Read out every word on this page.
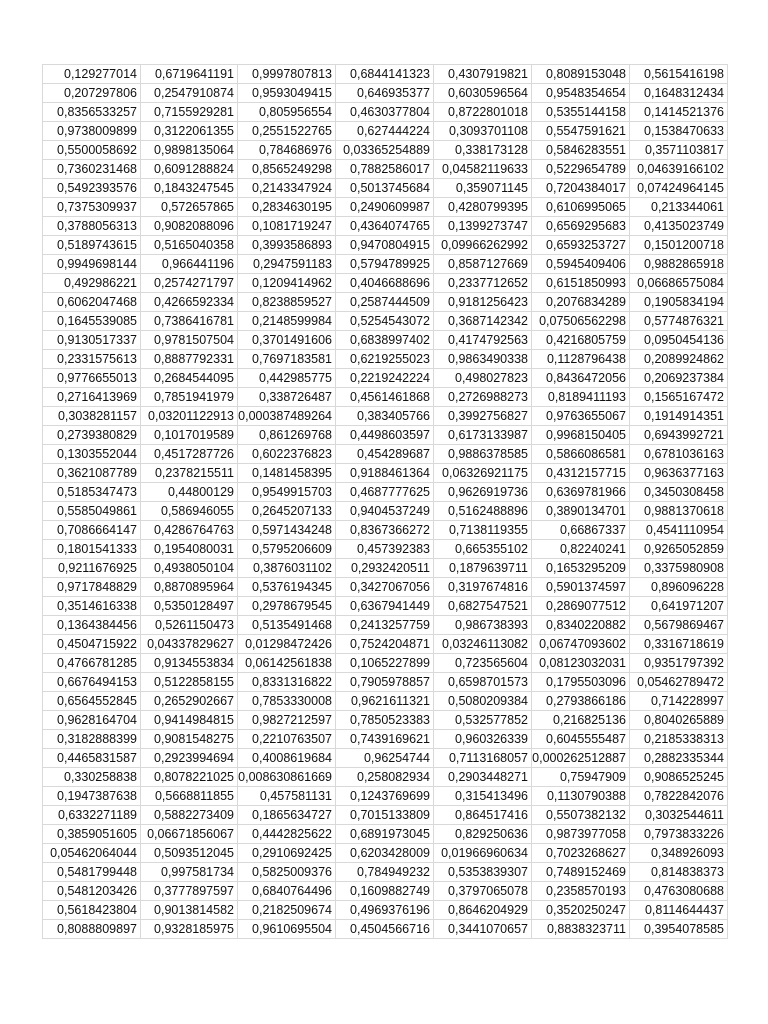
0,129277014	0,6719641191	0,9997807813	0,6844141323	0,4307919821	0,8089153048	0,5615416198
0,207297806	0,2547910874	0,9593049415	0,646935377	0,6030596564	0,9548354654	0,1648312434
0,8356533257	0,7155929281	0,805956554	0,4630377804	0,8722801018	0,5355144158	0,1414521376
0,9738009899	0,3122061355	0,2551522765	0,627444224	0,3093701108	0,5547591621	0,1538470633
0,5500058692	0,9898135064	0,784686976	0,03365254889	0,338173128	0,5846283551	0,3571103817
0,7360231468	0,6091288824	0,8565249298	0,7882586017	0,04582119633	0,5229654789	0,04639166102
0,5492393576	0,1843247545	0,2143347924	0,5013745684	0,359071145	0,7204384017	0,07424964145
0,7375309937	0,572657865	0,2834630195	0,2490609987	0,4280799395	0,6106995065	0,213344061
0,3788056313	0,9082088096	0,1081719247	0,4364074765	0,1399273747	0,6569295683	0,4135023749
0,5189743615	0,5165040358	0,3993586893	0,9470804915	0,09966262992	0,6593253727	0,1501200718
0,9949698144	0,966441196	0,2947591183	0,5794789925	0,8587127669	0,5945409406	0,9882865918
0,492986221	0,2574271797	0,1209414962	0,4046688696	0,2337712652	0,6151850993	0,06686575084
0,6062047468	0,4266592334	0,8238859527	0,2587444509	0,9181256423	0,2076834289	0,1905834194
0,1645539085	0,7386416781	0,2148599984	0,5254543072	0,3687142342	0,07506562298	0,5774876321
0,9130517337	0,9781507504	0,3701491606	0,6838997402	0,4174792563	0,4216805759	0,0950454136
0,2331575613	0,8887792331	0,7697183581	0,6219255023	0,9863490338	0,1128796438	0,2089924862
0,9776655013	0,2684544095	0,442985775	0,2219242224	0,498027823	0,8436472056	0,2069237384
0,2716413969	0,7851941979	0,338726487	0,4561461868	0,2726988273	0,8189411193	0,1565167472
0,3038281157	0,03201122913	0,000387489264	0,383405766	0,3992756827	0,9763655067	0,1914914351
0,2739380829	0,1017019589	0,861269768	0,4498603597	0,6173133987	0,9968150405	0,6943992721
0,1303552044	0,4517287726	0,6022376823	0,454289687	0,9886378585	0,5866086581	0,6781036163
0,3621087789	0,2378215511	0,1481458395	0,9188461364	0,06326921175	0,4312157715	0,9636377163
0,5185347473	0,44800129	0,9549915703	0,4687777625	0,9626919736	0,6369781966	0,3450308458
0,5585049861	0,586946055	0,2645207133	0,9404537249	0,5162488896	0,3890134701	0,9881370618
0,7086664147	0,4286764763	0,5971434248	0,8367366272	0,7138119355	0,66867337	0,4541110954
0,1801541333	0,1954080031	0,5795206609	0,457392383	0,665355102	0,82240241	0,9265052859
0,9211676925	0,4938050104	0,3876031102	0,2932420511	0,1879639711	0,1653295209	0,3375980908
0,9717848829	0,8870895964	0,5376194345	0,3427067056	0,3197674816	0,5901374597	0,896096228
0,3514616338	0,5350128497	0,2978679545	0,6367941449	0,6827547521	0,2869077512	0,641971207
0,1364384456	0,5261150473	0,5135491468	0,2413257759	0,986738393	0,8340220882	0,5679869467
0,4504715922	0,04337829627	0,01298472426	0,7524204871	0,03246113082	0,06747093602	0,3316718619
0,4766781285	0,9134553834	0,06142561838	0,1065227899	0,723565604	0,08123032031	0,9351797392
0,6676494153	0,5122858155	0,8331316822	0,7905978857	0,6598701573	0,1795503096	0,05462789472
0,6564552845	0,2652902667	0,7853330008	0,9621611321	0,5080209384	0,2793866186	0,714228997
0,9628164704	0,9414984815	0,9827212597	0,7850523383	0,532577852	0,216825136	0,8040265889
0,3182888399	0,9081548275	0,2210763507	0,7439169621	0,960326339	0,6045555487	0,2185338313
0,4465831587	0,2923994694	0,4008619684	0,96254744	0,7113168057	0,000262512887	0,2882335344
0,330258838	0,8078221025	0,008630861669	0,258082934	0,2903448271	0,75947909	0,9086525245
0,1947387638	0,5668811855	0,457581131	0,1243769699	0,315413496	0,1130790388	0,7822842076
0,6332271189	0,5882273409	0,1865634727	0,7015133809	0,864517416	0,5507382132	0,3032544611
0,3859051605	0,06671856067	0,4442825622	0,6891973045	0,829250636	0,9873977058	0,7973833226
0,05462064044	0,5093512045	0,2910692425	0,6203428009	0,01966960634	0,7023268627	0,348926093
0,5481799448	0,997581734	0,5825009376	0,784949232	0,5353839307	0,7489152469	0,814838373
0,5481203426	0,3777897597	0,6840764496	0,1609882749	0,3797065078	0,2358570193	0,4763080688
0,5618423804	0,9013814582	0,2182509674	0,4969376196	0,8646204929	0,3520250247	0,8114644437
0,8088809897	0,9328185975	0,9610695504	0,4504566716	0,3441070657	0,8838323711	0,3954078585
